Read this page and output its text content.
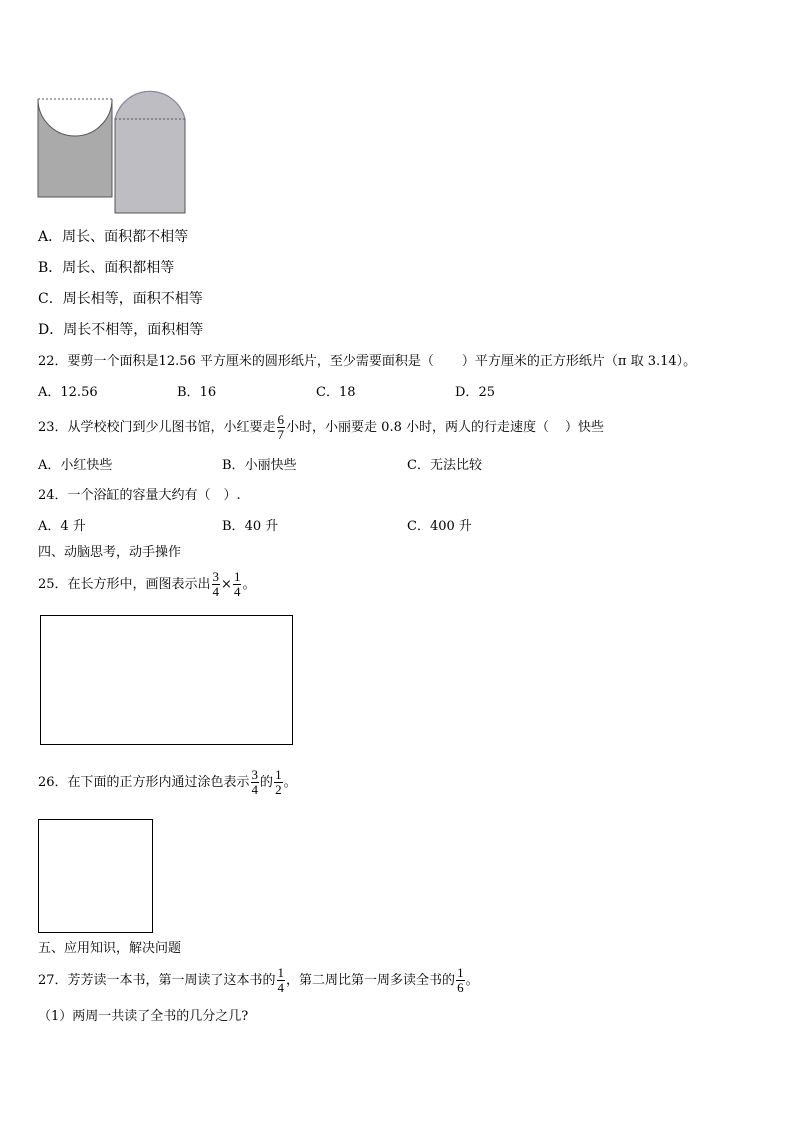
A．周长、面积都不相等
B．周长、面积都相等
C．周长相等，面积不相等
D．周长不相等，面积相等
22．要剪一个面积是12.56 平方厘米的圆形纸片，至少需要面积是（ ）平方厘米的正方形纸片（π 取 3.14）。
A．12.56	B．16	C．18	D．25
23．从学校校门到少儿图书馆，小红要走 $\frac{6}{7}$ 小时，小丽要走 0.8 小时，两人的行走速度（ ）快些
A．小红快些	B．小丽快些	C．无法比较
24．一个浴缸的容量大约有（　）.
A．4 升	B．40 升	C．400 升
四、动脑思考，动手操作
25．在长方形中，画图表示出 $\frac{3}{4} \times \frac{1}{4}$ 。
26．在下面的正方形内通过涂色表示 $\frac{3}{4}$ 的 $\frac{1}{2}$ 。
五、应用知识，解决问题
27．芳芳读一本书，第一周读了这本书的 $\frac{1}{4}$ ，第二周比第一周多读全书的 $\frac{1}{6}$ 。
（1）两周一共读了全书的几分之几?
